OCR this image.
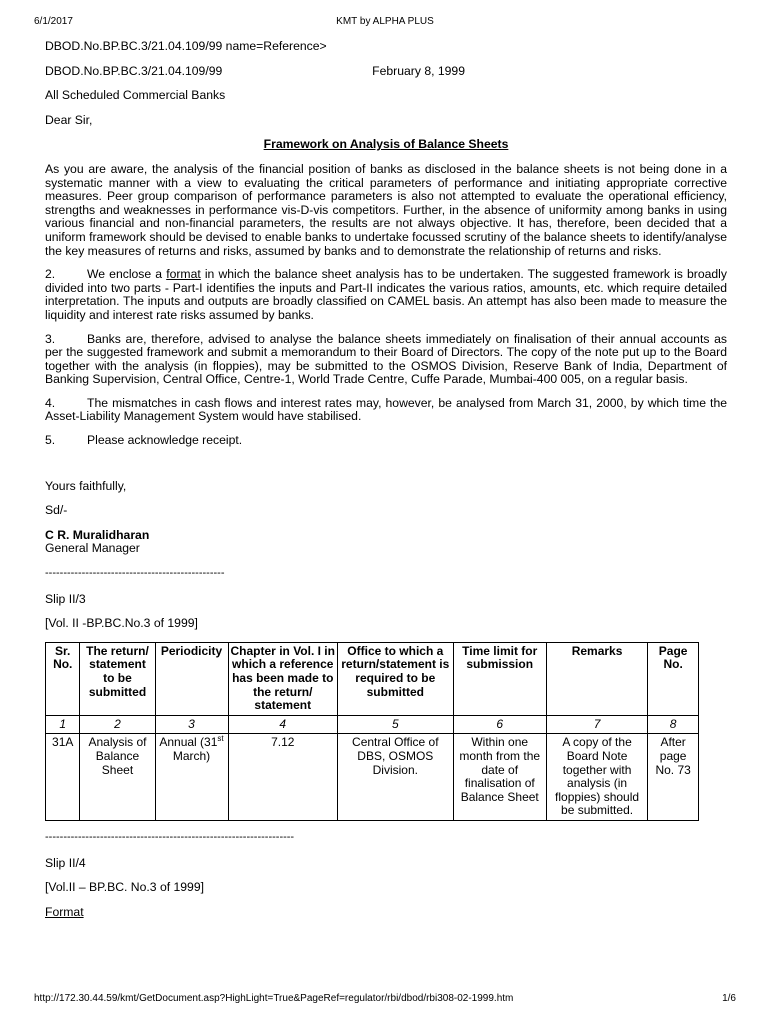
6/1/2017	KMT by ALPHA PLUS

DBOD.No.BP.BC.3/21.04.109/99 name=Reference>

DBOD.No.BP.BC.3/21.04.109/99	February 8, 1999

All Scheduled Commercial Banks

Dear Sir,

Framework on Analysis of Balance Sheets

As you are aware, the analysis of the financial position of banks as disclosed in the balance sheets is not being done in a systematic manner with a view to evaluating the critical parameters of performance and initiating appropriate corrective measures. Peer group comparison of performance parameters is also not attempted to evaluate the operational efficiency, strengths and weaknesses in performance vis-D-vis competitors. Further, in the absence of uniformity among banks in using various financial and non-financial parameters, the results are not always objective. It has, therefore, been decided that a uniform framework should be devised to enable banks to undertake focussed scrutiny of the balance sheets to identify/analyse the key measures of returns and risks, assumed by banks and to demonstrate the relationship of returns and risks.

2.	We enclose a format in which the balance sheet analysis has to be undertaken. The suggested framework is broadly divided into two parts - Part-I identifies the inputs and Part-II indicates the various ratios, amounts, etc. which require detailed interpretation. The inputs and outputs are broadly classified on CAMEL basis. An attempt has also been made to measure the liquidity and interest rate risks assumed by banks.

3.	Banks are, therefore, advised to analyse the balance sheets immediately on finalisation of their annual accounts as per the suggested framework and submit a memorandum to their Board of Directors. The copy of the note put up to the Board together with the analysis (in floppies), may be submitted to the OSMOS Division, Reserve Bank of India, Department of Banking Supervision, Central Office, Centre-1, World Trade Centre, Cuffe Parade, Mumbai-400 005, on a regular basis.

4.	The mismatches in cash flows and interest rates may, however, be analysed from March 31, 2000, by which time the Asset-Liability Management System would have stabilised.

5.	Please acknowledge receipt.

Yours faithfully,

Sd/-

C R. Muralidharan

General Manager

-------------------------------------------------

Slip II/3

[Vol. II -BP.BC.No.3 of 1999]

Sr. No.	The return/ statement to be submitted	Periodicity	Chapter in Vol. I in which a reference has been made to the return/ statement	Office to which a return/statement is required to be submitted	Time limit for submission	Remarks	Page No.
1	2	3	4	5	6	7	8
31A	Analysis of Balance Sheet	Annual (31st March)	7.12	Central Office of DBS, OSMOS Division.	Within one month from the date of finalisation of Balance Sheet	A copy of the Board Note together with analysis (in floppies) should be submitted.	After page No. 73

--------------------------------------------------------------------

Slip II/4

[Vol.II – BP.BC. No.3 of 1999]

Format

http://172.30.44.59/kmt/GetDocument.asp?HighLight=True&PageRef=regulator/rbi/dbod/rbi308-02-1999.htm	1/6
